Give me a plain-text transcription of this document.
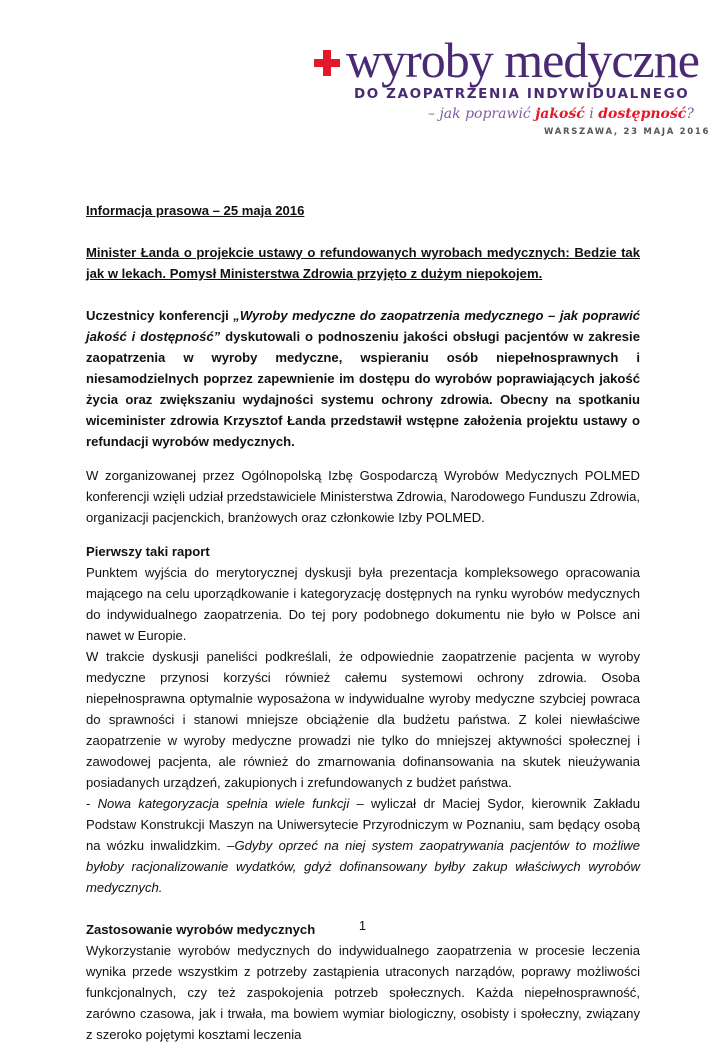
wyroby medyczne
DO ZAOPATRZENIA INDYWIDUALNEGO
– jak poprawić jakość i dostępność?
WARSZAWA, 23 MAJA 2016

Informacja prasowa – 25 maja 2016

Minister Łanda o projekcie ustawy o refundowanych wyrobach medycznych: Bedzie tak jak w lekach. Pomysł Ministerstwa Zdrowia przyjęto z dużym niepokojem.

Uczestnicy konferencji „Wyroby medyczne do zaopatrzenia medycznego – jak poprawić jakość i dostępność” dyskutowali o podnoszeniu jakości obsługi pacjentów w zakresie zaopatrzenia w wyroby medyczne, wspieraniu osób niepełnosprawnych i niesamodzielnych poprzez zapewnienie im dostępu do wyrobów poprawiających jakość życia oraz zwiększaniu wydajności systemu ochrony zdrowia. Obecny na spotkaniu wiceminister zdrowia Krzysztof Łanda przedstawił wstępne założenia projektu ustawy o refundacji wyrobów medycznych.

W zorganizowanej przez Ogólnopolską Izbę Gospodarczą Wyrobów Medycznych POLMED konferencji wzięli udział przedstawiciele Ministerstwa Zdrowia, Narodowego Funduszu Zdrowia, organizacji pacjenckich, branżowych oraz członkowie Izby POLMED.

Pierwszy taki raport

Punktem wyjścia do merytorycznej dyskusji była prezentacja kompleksowego opracowania mającego na celu uporządkowanie i kategoryzację dostępnych na rynku wyrobów medycznych do indywidualnego zaopatrzenia. Do tej pory podobnego dokumentu nie było w Polsce ani nawet w Europie.

W trakcie dyskusji paneliści podkreślali, że odpowiednie zaopatrzenie pacjenta w wyroby medyczne przynosi korzyści również całemu systemowi ochrony zdrowia. Osoba niepełnosprawna optymalnie wyposażona w indywidualne wyroby medyczne szybciej powraca do sprawności i stanowi mniejsze obciążenie dla budżetu państwa. Z kolei niewłaściwe zaopatrzenie w wyroby medyczne prowadzi nie tylko do mniejszej aktywności społecznej i zawodowej pacjenta, ale również do zmarnowania dofinansowania na skutek nieużywania posiadanych urządzeń, zakupionych i zrefundowanych z budżet państwa.

- Nowa kategoryzacja spełnia wiele funkcji – wyliczał dr Maciej Sydor, kierownik Zakładu Podstaw Konstrukcji Maszyn na Uniwersytecie Przyrodniczym w Poznaniu, sam będący osobą na wózku inwalidzkim. –Gdyby oprzeć na niej system zaopatrywania pacjentów to możliwe byłoby racjonalizowanie wydatków, gdyż dofinansowany byłby zakup właściwych wyrobów medycznych.

Zastosowanie wyrobów medycznych

Wykorzystanie wyrobów medycznych do indywidualnego zaopatrzenia w procesie leczenia wynika przede wszystkim z potrzeby zastąpienia utraconych narządów, poprawy możliwości funkcjonalnych, czy też zaspokojenia potrzeb społecznych. Każda niepełnosprawność, zarówno czasowa, jak i trwała, ma bowiem wymiar biologiczny, osobisty i społeczny, związany z szeroko pojętymi kosztami leczenia

1
